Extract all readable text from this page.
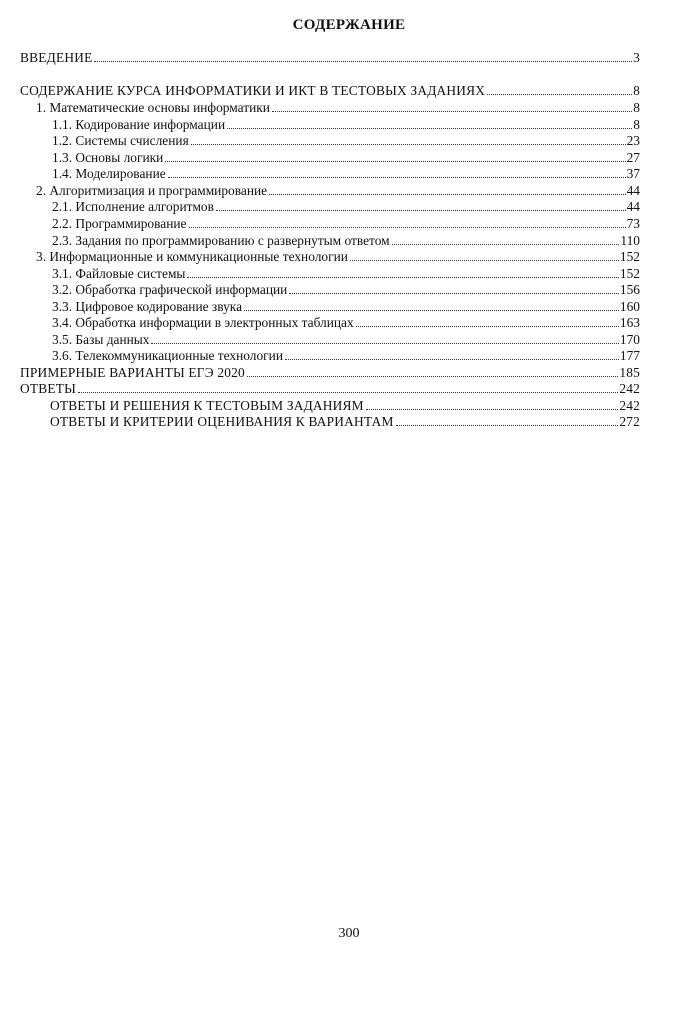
СОДЕРЖАНИЕ
ВВЕДЕНИЕ	3
СОДЕРЖАНИЕ КУРСА ИНФОРМАТИКИ И ИКТ В ТЕСТОВЫХ ЗАДАНИЯХ	8
1. Математические основы информатики	8
1.1. Кодирование информации	8
1.2. Системы счисления	23
1.3. Основы логики	27
1.4. Моделирование	37
2. Алгоритмизация и программирование	44
2.1. Исполнение алгоритмов	44
2.2. Программирование	73
2.3. Задания по программированию с развернутым ответом	110
3. Информационные и коммуникационные технологии	152
3.1. Файловые системы	152
3.2. Обработка графической информации	156
3.3. Цифровое кодирование звука	160
3.4. Обработка информации в электронных таблицах	163
3.5. Базы данных	170
3.6. Телекоммуникационные технологии	177
ПРИМЕРНЫЕ ВАРИАНТЫ ЕГЭ 2020	185
ОТВЕТЫ	242
ОТВЕТЫ И РЕШЕНИЯ К ТЕСТОВЫМ ЗАДАНИЯМ	242
ОТВЕТЫ И КРИТЕРИИ ОЦЕНИВАНИЯ К ВАРИАНТАМ	272
300
